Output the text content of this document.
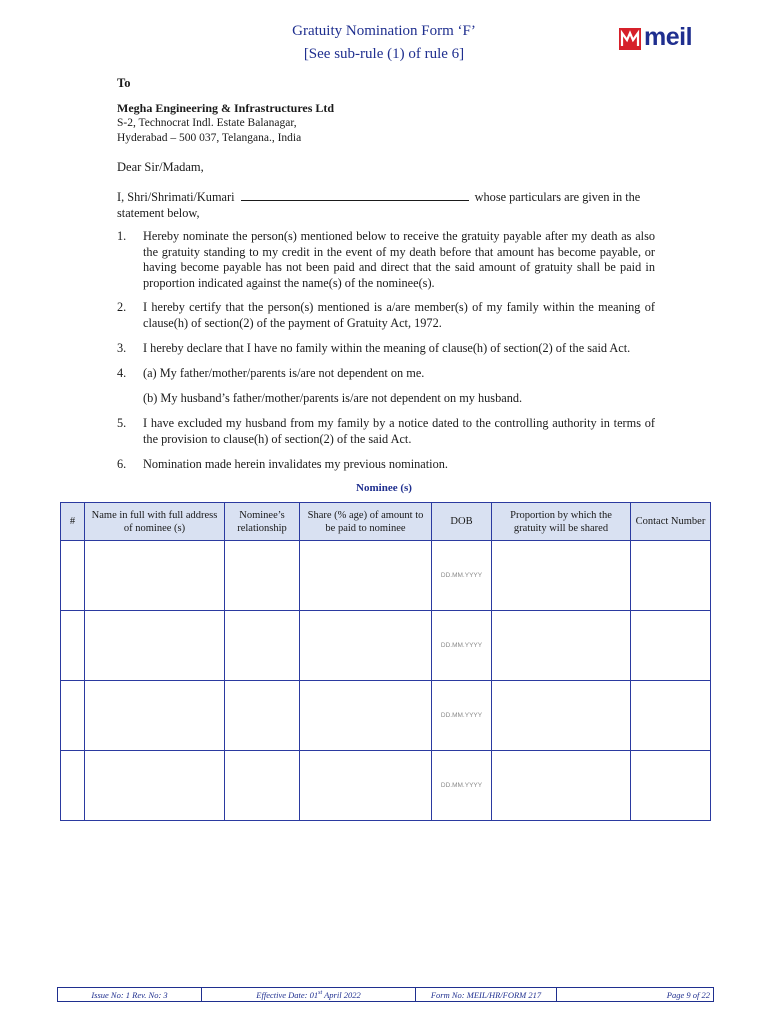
Gratuity Nomination Form ‘F’
[See sub-rule (1) of rule 6]
meil
To
Megha Engineering & Infrastructures Ltd
S-2, Technocrat Indl. Estate Balanagar,
Hyderabad – 500 037, Telangana., India
Dear Sir/Madam,
I, Shri/Shrimati/Kumari	whose particulars are given in the statement below,
1. Hereby nominate the person(s) mentioned below to receive the gratuity payable after my death as also the gratuity standing to my credit in the event of my death before that amount has become payable, or having become payable has not been paid and direct that the said amount of gratuity shall be paid in proportion indicated against the name(s) of the nominee(s).
2. I hereby certify that the person(s) mentioned is a/are member(s) of my family within the meaning of clause(h) of section(2) of the payment of Gratuity Act, 1972.
3. I hereby declare that I have no family within the meaning of clause(h) of section(2) of the said Act.
4. (a) My father/mother/parents is/are not dependent on me.
(b) My husband’s father/mother/parents is/are not dependent on my husband.
5. I have excluded my husband from my family by a notice dated to the controlling authority in terms of the provision to clause(h) of section(2) of the said Act.
6. Nomination made herein invalidates my previous nomination.
Nominee (s)
#	Name in full with full address of nominee (s)	Nominee’s relationship	Share (% age) of amount to be paid to nominee	DOB	Proportion by which the gratuity will be shared	Contact Number
				DD.MM.YYYY		
				DD.MM.YYYY		
				DD.MM.YYYY		
				DD.MM.YYYY		
Issue No: 1 Rev. No: 3	Effective Date: 01st April 2022	Form No: MEIL/HR/FORM 217	Page 9 of 22
